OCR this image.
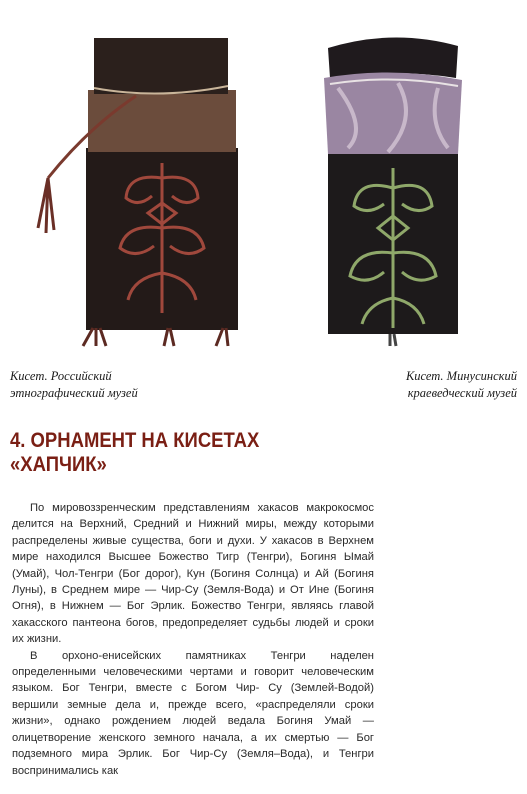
Кисет. Российский
этнографический музей
Кисет. Минусинский
краеведческий музей
4. ОРНАМЕНТ НА КИСЕТАХ
«ХАПЧИК»

По мировоззренческим представлениям хакасов макрокосмос делится на Верхний, Средний и Нижний миры, между которыми распределены живые существа, боги и духи. У хакасов в Верхнем мире находился Высшее Божество Тигр (Тенгри), Богиня Ымай (Умай), Чол-Тенгри (Бог дорог), Кун (Богиня Солнца) и Ай (Богиня Луны), в Среднем мире — Чир-Су (Земля-Вода) и От Ине (Богиня Огня), в Нижнем — Бог Эрлик. Божество Тенгри, являясь главой хакасского пантеона богов, предопределяет судьбы людей и сроки их жизни.

В орхоно-енисейских памятниках Тенгри наделен определенными человеческими чертами и говорит человеческим языком. Бог Тенгри, вместе с Богом Чир- Су (Землей-Водой) вершили земные дела и, прежде всего, «распределяли сроки жизни», однако рождением людей ведала Богиня Умай — олицетворение женского земного начала, а их смертью — Бог подземного мира Эрлик. Бог Чир-Су (Земля–Вода), и Тенгри воспринимались как
